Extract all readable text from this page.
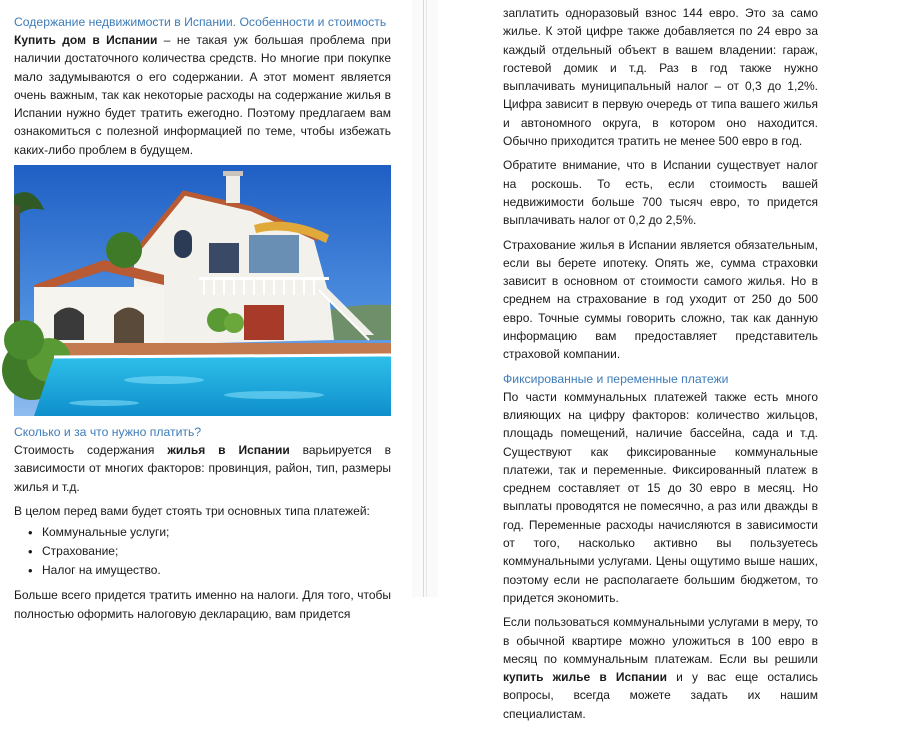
Содержание недвижимости в Испании. Особенности и стоимость

Купить дом в Испании – не такая уж большая проблема при наличии достаточного количества средств. Но многие при покупке мало задумываются о его содержании. А этот момент является очень важным, так как некоторые расходы на содержание жилья в Испании нужно будет тратить ежегодно. Поэтому предлагаем вам ознакомиться с полезной информацией по теме, чтобы избежать каких-либо проблем в будущем.

Сколько и за что нужно платить?

Стоимость содержания жилья в Испании варьируется в зависимости от многих факторов: провинция, район, тип, размеры жилья и т.д.

В целом перед вами будет стоять три основных типа платежей:

• Коммунальные услуги;
• Страхование;
• Налог на имущество.

Больше всего придется тратить именно на налоги. Для того, чтобы полностью оформить налоговую декларацию, вам придется

заплатить одноразовый взнос 144 евро. Это за само жилье. К этой цифре также добавляется по 24 евро за каждый отдельный объект в вашем владении: гараж, гостевой домик и т.д. Раз в год также нужно выплачивать муниципальный налог – от 0,3 до 1,2%. Цифра зависит в первую очередь от типа вашего жилья и автономного округа, в котором оно находится. Обычно приходится тратить не менее 500 евро в год.

Обратите внимание, что в Испании существует налог на роскошь. То есть, если стоимость вашей недвижимости больше 700 тысяч евро, то придется выплачивать налог от 0,2 до 2,5%.

Страхование жилья в Испании является обязательным, если вы берете ипотеку. Опять же, сумма страховки зависит в основном от стоимости самого жилья. Но в среднем на страхование в год уходит от 250 до 500 евро. Точные суммы говорить сложно, так как данную информацию вам предоставляет представитель страховой компании.

Фиксированные и переменные платежи

По части коммунальных платежей также есть много влияющих на цифру факторов: количество жильцов, площадь помещений, наличие бассейна, сада и т.д. Существуют как фиксированные коммунальные платежи, так и переменные. Фиксированный платеж в среднем составляет от 15 до 30 евро в месяц. Но выплаты проводятся не помесячно, а раз или дважды в год. Переменные расходы начисляются в зависимости от того, насколько активно вы пользуетесь коммунальными услугами. Цены ощутимо выше наших, поэтому если не располагаете большим бюджетом, то придется экономить.

Если пользоваться коммунальными услугами в меру, то в обычной квартире можно уложиться в 100 евро в месяц по коммунальным платежам. Если вы решили купить жилье в Испании и у вас еще остались вопросы, всегда можете задать их нашим специалистам.
